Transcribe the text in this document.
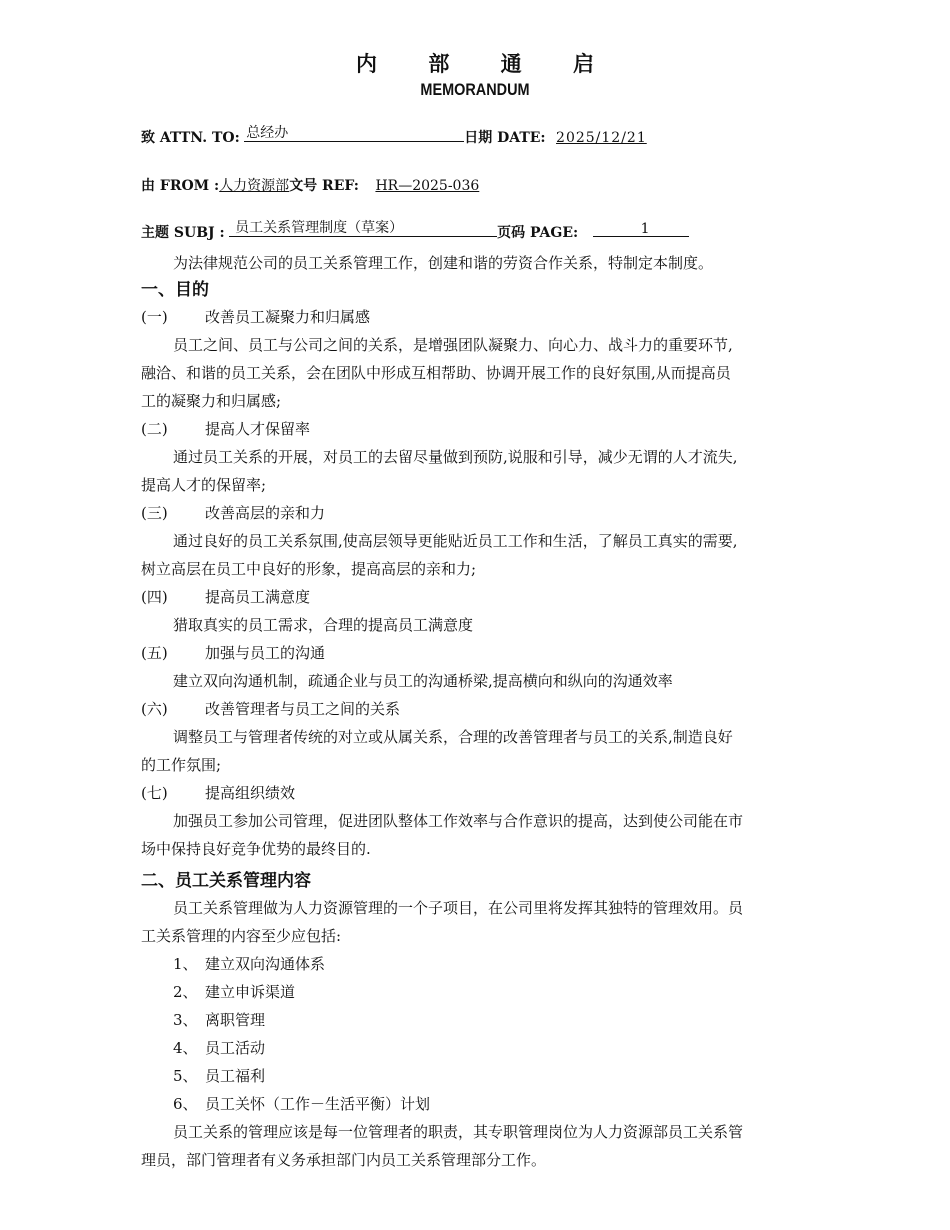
内 部 通 启
MEMORANDUM
致 ATTN. TO: 总经办	日期 DATE: 2025/12/21
由 FROM :人力资源部文号 REF: HR—2025-036
主题 SUBJ : 员工关系管理制度（草案）	页码 PAGE:	1
为法律规范公司的员工关系管理工作，创建和谐的劳资合作关系，特制定本制度。
一、目的
(一) 改善员工凝聚力和归属感
员工之间、员工与公司之间的关系，是增强团队凝聚力、向心力、战斗力的重要环节,
融洽、和谐的员工关系，会在团队中形成互相帮助、协调开展工作的良好氛围,从而提高员
工的凝聚力和归属感;
(二) 提高人才保留率
通过员工关系的开展，对员工的去留尽量做到预防,说服和引导，减少无谓的人才流失,
提高人才的保留率;
(三) 改善高层的亲和力
通过良好的员工关系氛围,使高层领导更能贴近员工工作和生活，了解员工真实的需要,
树立高层在员工中良好的形象，提高高层的亲和力;
(四) 提高员工满意度
猎取真实的员工需求，合理的提高员工满意度
(五) 加强与员工的沟通
建立双向沟通机制，疏通企业与员工的沟通桥梁,提高横向和纵向的沟通效率
(六) 改善管理者与员工之间的关系
调整员工与管理者传统的对立或从属关系，合理的改善管理者与员工的关系,制造良好
的工作氛围;
(七) 提高组织绩效
加强员工参加公司管理，促进团队整体工作效率与合作意识的提高，达到使公司能在市
场中保持良好竞争优势的最终目的.
二、员工关系管理内容
员工关系管理做为人力资源管理的一个子项目，在公司里将发挥其独特的管理效用。员
工关系管理的内容至少应包括:
1、 建立双向沟通体系
2、 建立申诉渠道
3、 离职管理
4、 员工活动
5、 员工福利
6、 员工关怀（工作－生活平衡）计划
员工关系的管理应该是每一位管理者的职责，其专职管理岗位为人力资源部员工关系管
理员，部门管理者有义务承担部门内员工关系管理部分工作。
